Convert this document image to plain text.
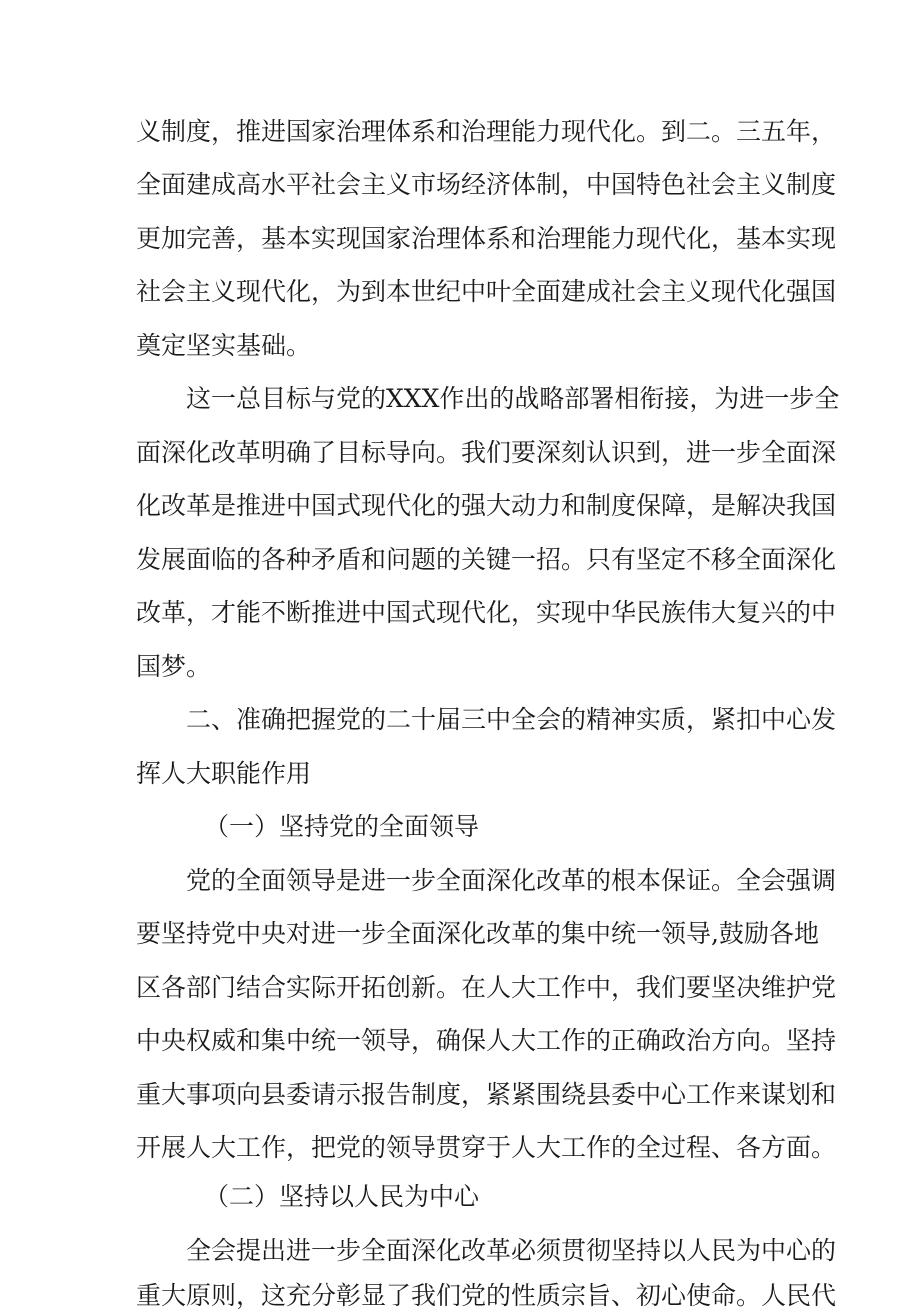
义制度，推进国家治理体系和治理能力现代化。到二。三五年，

全面建成高水平社会主义市场经济体制，中国特色社会主义制度

更加完善，基本实现国家治理体系和治理能力现代化，基本实现

社会主义现代化，为到本世纪中叶全面建成社会主义现代化强国

奠定坚实基础。

这一总目标与党的XXX作出的战略部署相衔接，为进一步全

面深化改革明确了目标导向。我们要深刻认识到，进一步全面深

化改革是推进中国式现代化的强大动力和制度保障，是解决我国

发展面临的各种矛盾和问题的关键一招。只有坚定不移全面深化

改革，才能不断推进中国式现代化，实现中华民族伟大复兴的中

国梦。

二、准确把握党的二十届三中全会的精神实质，紧扣中心发

挥人大职能作用

（一）坚持党的全面领导

党的全面领导是进一步全面深化改革的根本保证。全会强调

要坚持党中央对进一步全面深化改革的集中统一领导,鼓励各地

区各部门结合实际开拓创新。在人大工作中，我们要坚决维护党

中央权威和集中统一领导，确保人大工作的正确政治方向。坚持

重大事项向县委请示报告制度，紧紧围绕县委中心工作来谋划和

开展人大工作，把党的领导贯穿于人大工作的全过程、各方面。

（二）坚持以人民为中心

全会提出进一步全面深化改革必须贯彻坚持以人民为中心的

重大原则，这充分彰显了我们党的性质宗旨、初心使命。人民代
